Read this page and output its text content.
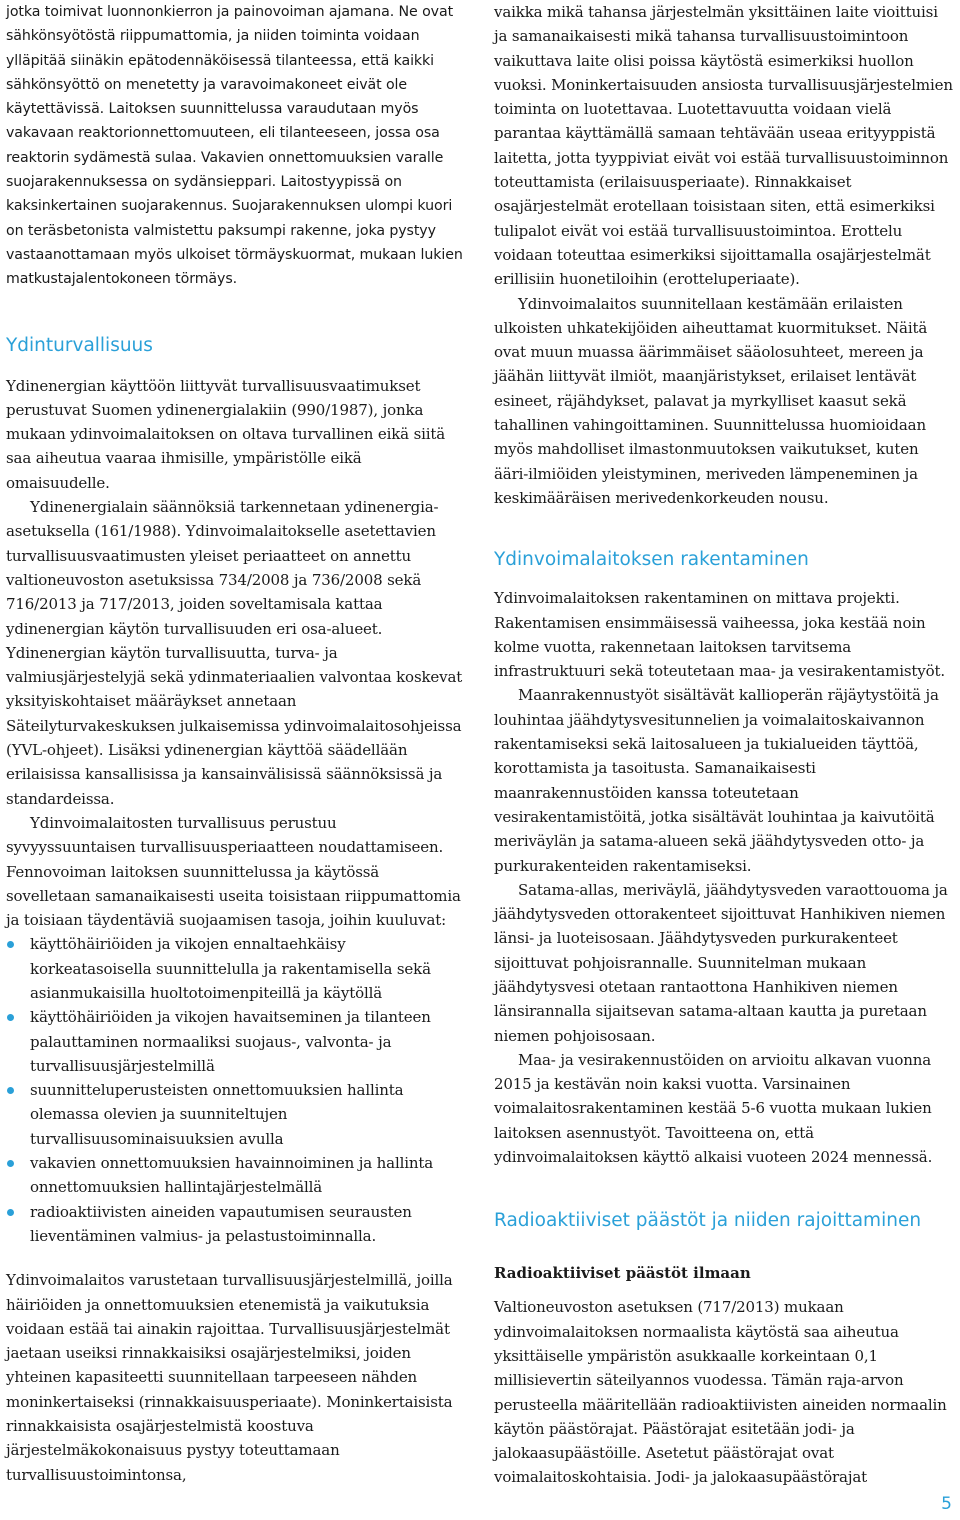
jotka toimivat luonnonkierron ja painovoiman ajamana. Ne ovat sähkönsyötöstä riippumattomia, ja niiden toiminta voidaan ylläpitää siinäkin epätodennäköisessä tilanteessa, että kaikki sähkönsyöttö on menetetty ja varavoimakoneet eivät ole käytettävissä. Laitoksen suunnittelussa varaudutaan myös vakavaan reaktorionnettomuuteen, eli tilanteeseen, jossa osa reaktorin sydämestä sulaa. Vakavien onnettomuuksien varalle suojarakennuksessa on sydänsieppari. Laitostyypissä on kaksinkertainen suojarakennus. Suojarakennuksen ulompi kuori on teräsbetonista valmistettu paksumpi rakenne, joka pystyy vastaanottamaan myös ulkoiset törmäyskuormat, mukaan lukien matkustajalentokoneen törmäys.

Ydinturvallisuus

Ydinenergian käyttöön liittyvät turvallisuusvaatimukset perustuvat Suomen ydinenergialakiin (990/1987), jonka mukaan ydinvoimalaitoksen on oltava turvallinen eikä siitä saa aiheutua vaaraa ihmisille, ympäristölle eikä omaisuudelle.

Ydinenergialain säännöksiä tarkennetaan ydinenergia-asetuksella (161/1988). Ydinvoimalaitokselle asetettavien turvallisuusvaatimusten yleiset periaatteet on annettu valtioneuvoston asetuksissa 734/2008 ja 736/2008 sekä 716/2013 ja 717/2013, joiden soveltamisala kattaa ydinenergian käytön turvallisuuden eri osa-alueet. Ydinenergian käytön turvallisuutta, turva- ja valmiusjärjestelyjä sekä ydinmateriaalien valvontaa koskevat yksityiskohtaiset määräykset annetaan Säteilyturvakeskuksen julkaisemissa ydinvoimalaitosohjeissa (YVL-ohjeet). Lisäksi ydinenergian käyttöä säädellään erilaisissa kansallisissa ja kansainvälisissä säännöksissä ja standardeissa.

Ydinvoimalaitosten turvallisuus perustuu syvyyssuuntaisen turvallisuusperiaatteen noudattamiseen. Fennovoiman laitoksen suunnittelussa ja käytössä sovelletaan samanaikaisesti useita toisistaan riippumattomia ja toisiaan täydentäviä suojaamisen tasoja, joihin kuuluvat:

käyttöhäiriöiden ja vikojen ennaltaehkäisy korkeatasoisella suunnittelulla ja rakentamisella sekä asianmukaisilla huoltotoimenpiteillä ja käytöllä
käyttöhäiriöiden ja vikojen havaitseminen ja tilanteen palauttaminen normaaliksi suojaus-, valvonta- ja turvallisuusjärjestelmillä
suunnitteluperusteisten onnettomuuksien hallinta olemassa olevien ja suunniteltujen turvallisuusominaisuuksien avulla
vakavien onnettomuuksien havainnoiminen ja hallinta onnettomuuksien hallintajärjestelmällä
radioaktiivisten aineiden vapautumisen seurausten lieventäminen valmius- ja pelastustoiminnalla.

Ydinvoimalaitos varustetaan turvallisuusjärjestelmillä, joilla häiriöiden ja onnettomuuksien etenemistä ja vaikutuksia voidaan estää tai ainakin rajoittaa. Turvallisuusjärjestelmät jaetaan useiksi rinnakkaisiksi osajärjestelmiksi, joiden yhteinen kapasiteetti suunnitellaan tarpeeseen nähden moninkertaiseksi (rinnakkaisuusperiaate). Moninkertaisista rinnakkaisista osajärjestelmistä koostuva järjestelmäkokonaisuus pystyy toteuttamaan turvallisuustoimintonsa,

vaikka mikä tahansa järjestelmän yksittäinen laite vioittuisi ja samanaikaisesti mikä tahansa turvallisuustoimintoon vaikuttava laite olisi poissa käytöstä esimerkiksi huollon vuoksi. Moninkertaisuuden ansiosta turvallisuusjärjestelmien toiminta on luotettavaa. Luotettavuutta voidaan vielä parantaa käyttämällä samaan tehtävään useaa erityyppistä laitetta, jotta tyyppiviat eivät voi estää turvallisuustoiminnon toteuttamista (erilaisuusperiaate). Rinnakkaiset osajärjestelmät erotellaan toisistaan siten, että esimerkiksi tulipalot eivät voi estää turvallisuustoimintoa. Erottelu voidaan toteuttaa esimerkiksi sijoittamalla osajärjestelmät erillisiin huonetiloihin (erotteluperiaate).

Ydinvoimalaitos suunnitellaan kestämään erilaisten ulkoisten uhkatekijöiden aiheuttamat kuormitukset. Näitä ovat muun muassa äärimmäiset sääolosuhteet, mereen ja jäähän liittyvät ilmiöt, maanjäristykset, erilaiset lentävät esineet, räjähdykset, palavat ja myrkylliset kaasut sekä tahallinen vahingoittaminen. Suunnittelussa huomioidaan myös mahdolliset ilmastonmuutoksen vaikutukset, kuten ääri-ilmiöiden yleistyminen, meriveden lämpeneminen ja keskimääräisen merivedenkorkeuden nousu.

Ydinvoimalaitoksen rakentaminen

Ydinvoimalaitoksen rakentaminen on mittava projekti. Rakentamisen ensimmäisessä vaiheessa, joka kestää noin kolme vuotta, rakennetaan laitoksen tarvitsema infrastruktuuri sekä toteutetaan maa- ja vesirakentamistyöt.

Maanrakennustyöt sisältävät kallioperän räjäytystöitä ja louhintaa jäähdytysvesitunnelien ja voimalaitoskaivannon rakentamiseksi sekä laitosalueen ja tukialueiden täyttöä, korottamista ja tasoitusta. Samanaikaisesti maanrakennustöiden kanssa toteutetaan vesirakentamistöitä, jotka sisältävät louhintaa ja kaivutöitä meriväylän ja satama-alueen sekä jäähdytysveden otto- ja purkurakenteiden rakentamiseksi.

Satama-allas, meriväylä, jäähdytysveden varaottouoma ja jäähdytysveden ottorakenteet sijoittuvat Hanhikiven niemen länsi- ja luoteisosaan. Jäähdytysveden purkurakenteet sijoittuvat pohjoisrannalle. Suunnitelman mukaan jäähdytysvesi otetaan rantaottona Hanhikiven niemen länsirannalla sijaitsevan satama-altaan kautta ja puretaan niemen pohjoisosaan.

Maa- ja vesirakennustöiden on arvioitu alkavan vuonna 2015 ja kestävän noin kaksi vuotta. Varsinainen voimalaitosrakentaminen kestää 5-6 vuotta mukaan lukien laitoksen asennustyöt. Tavoitteena on, että ydinvoimalaitoksen käyttö alkaisi vuoteen 2024 mennessä.

Radioaktiiviset päästöt ja niiden rajoittaminen
Radioaktiiviset päästöt ilmaan

Valtioneuvoston asetuksen (717/2013) mukaan ydinvoimalaitoksen normaalista käytöstä saa aiheutua yksittäiselle ympäristön asukkaalle korkeintaan 0,1 millisievertin säteilyannos vuodessa. Tämän raja-arvon perusteella määritellään radioaktiivisten aineiden normaalin käytön päästörajat. Päästörajat esitetään jodi- ja jalokaasupäästöille. Asetetut päästörajat ovat voimalaitoskohtaisia. Jodi- ja jalokaasupäästörajat

5
